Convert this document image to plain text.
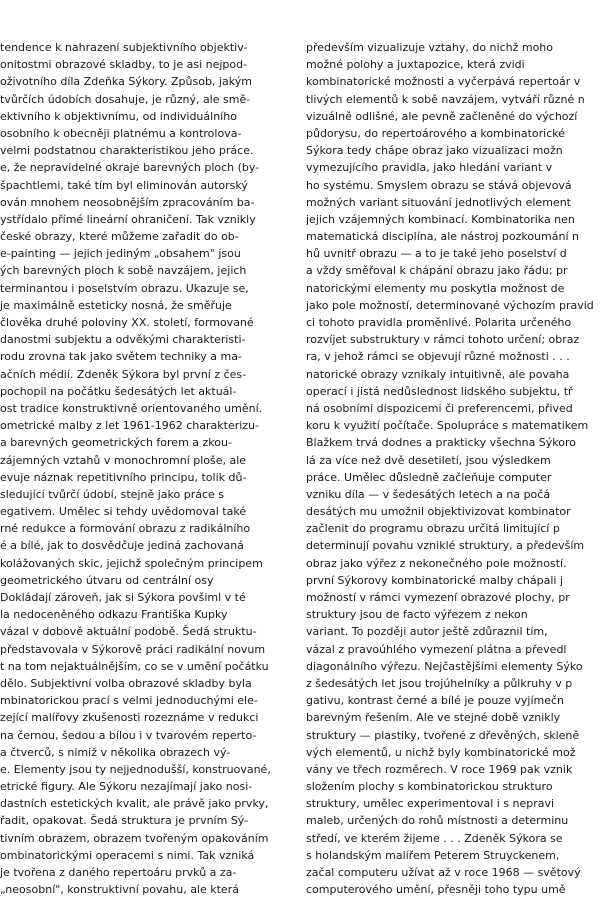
tendence k nahrazení subjektivního objektiv-
onitostmi obrazové skladby, to je asi nejpod-
oživotního díla Zdeňka Sýkory. Způsob, jakým
tvůrčích údobích dosahuje, je různý, ale smě-
ektivního k objektivnímu, od individuálního
osobního k obecněji platnému a kontrolova-
velmi podstatnou charakteristikou jeho práce.
e, že nepravidelné okraje barevných ploch (by-
špachtlemi, také tím byl eliminován autorský
ován mnohem neosobnějším zpracováním ba-
ystřídalo přímé lineární ohraničení. Tak vznikly
české obrazy, které můžeme zařadit do ob-
e-painting — jejich jediným „obsahem" jsou
ých barevných ploch k sobě navzájem, jejich
terminantou i poselstvím obrazu. Ukazuje se,
je maximálně esteticky nosná, že směřuje
člověka druhé poloviny XX. století, formované
danostmi subjektu a odvěkými charakteristi-
rodu zrovna tak jako světem techniky a ma-
ačních médií. Zdeněk Sýkora byl první z čes-
pochopil na počátku šedesátých let aktuál-
ost tradice konstruktivně orientovaného umění.
ometrické malby z let 1961-1962 charakterizu-
a barevných geometrických forem a zkou-
zájemných vztahů v monochromní ploše, ale
evuje náznak repetitivního principu, tolik dů-
sledující tvůrčí údobí, stejně jako práce s
egativem. Umělec si tehdy uvědomoval také
rné redukce a formování obrazu z radikálního
é a bílé, jak to dosvědčuje jediná zachovaná
kolážovaných skic, jejichž společným principem
geometrického útvaru od centrální osy
Dokládají zároveň, jak si Sýkora povšiml v té
la nedoceněného odkazu Františka Kupky
vázal v dobově aktuální podobě. Šedá struktu-
představovala v Sýkorově práci radikální novum
t na tom nejaktuálnějším, co se v umění počátku
dělo. Subjektivní volba obrazové skladby byla
mbinatorickou prací s velmi jednoduchými ele-
zející malířovy zkušenosti rozeznáme v redukci
na černou, šedou a bílou i v tvarovém reperto-
a čtverců, s nimiž v několika obrazech vý-
e. Elementy jsou ty nejjednodušší, konstruované,
etrické figury. Ale Sýkoru nezajímají jako nosi-
dastních estetických kvalit, ale právě jako prvky,
řadit, opakovat. Šedá struktura je prvním Sý-
tivním obrazem, obrazem tvořeným opakováním
ombinatorickými operacemi s nimi. Tak vzniká
je tvořena z daného repertoáru prvků a za-
„neosobní", konstruktivní povahu, ale která
především vizualizuje vztahy, do nichž moho
možné polohy a juxtapozice, která zvidi
kombinatorické možnosti a vyčerpává repertoár v
tlivých elementů k sobě navzájem, vytváří různé n
vizuálně odlišné, ale pevně začleněné do výchozí
půdorysu, do repertoárového a kombinatorické
Sýkora tedy chápe obraz jako vizualizaci možn
vymezujícího pravidla, jako hledání variant v
ho systému. Smyslem obrazu se stává objevová
možných variant situování jednotlivých element
jejich vzájemných kombinací. Kombinatorika nen
matematická disciplína, ale nástroj pozkoumání n
hů uvnitř obrazu — a to je také jeho poselství d
a vždy směřoval k chápání obrazu jako řádu; pr
natorickými elementy mu poskytla možnost de
jako pole možností, determinované výchozím pravid
ci tohoto pravidla proměnlivé. Polarita určeného
rozvíjet substruktury v rámci tohoto určení; obraz
ra, v jehož rámci se objevují různé možnosti . . .
natorické obrazy vznikaly intuitivně, ale povaha
operací i jistá nedůslednost lidského subjektu, tř
ná osobními dispozicemi či preferencemi, přived
koru k využití počítače. Spolupráce s matematikem
Blažkem trvá dodnes a prakticky všechna Sýkoro
lá za více než dvě desetiletí, jsou výsledkem
práce. Umělec důsledně začleňuje computer
vzniku díla — v šedesátých letech a na počá
desátých mu umožnil objektivizovat kombinator
začlenit do programu obrazu určitá limitující p
determinují povahu vzniklé struktury, a především
obraz jako výřez z nekonečného pole možností.
první Sýkorovy kombinatorické malby chápali j
možností v rámci vymezení obrazové plochy, pr
struktury jsou de facto výřezem z nekon
variant. To později autor ještě zdůraznil tím,
vázal z pravoúhlého vymezení plátna a převedl
diagonálního výřezu. Nejčastějšími elementy Sýko
z šedesátých let jsou trojúhelníky a půlkruhy v p
gativu, kontrast černé a bílé je pouze vyjímečn
barevným řešením. Ale ve stejné době vznikly
struktury — plastiky, tvořené z dřevěných, skleně
vých elementů, u nichž byly kombinatorické mož
vány ve třech rozměrech. V roce 1969 pak vznik
složením plochy s kombinatorickou strukturo
struktury, umělec experimentoval i s nepravi
maleb, určených do rohů místnosti a determinu
středí, ve kterém žijeme . . . Zdeněk Sýkora se
s holandským malířem Peterem Struyckenem,
začal computeru užívat až v roce 1968 — světový
computerového umění, přesněji toho typu umě
